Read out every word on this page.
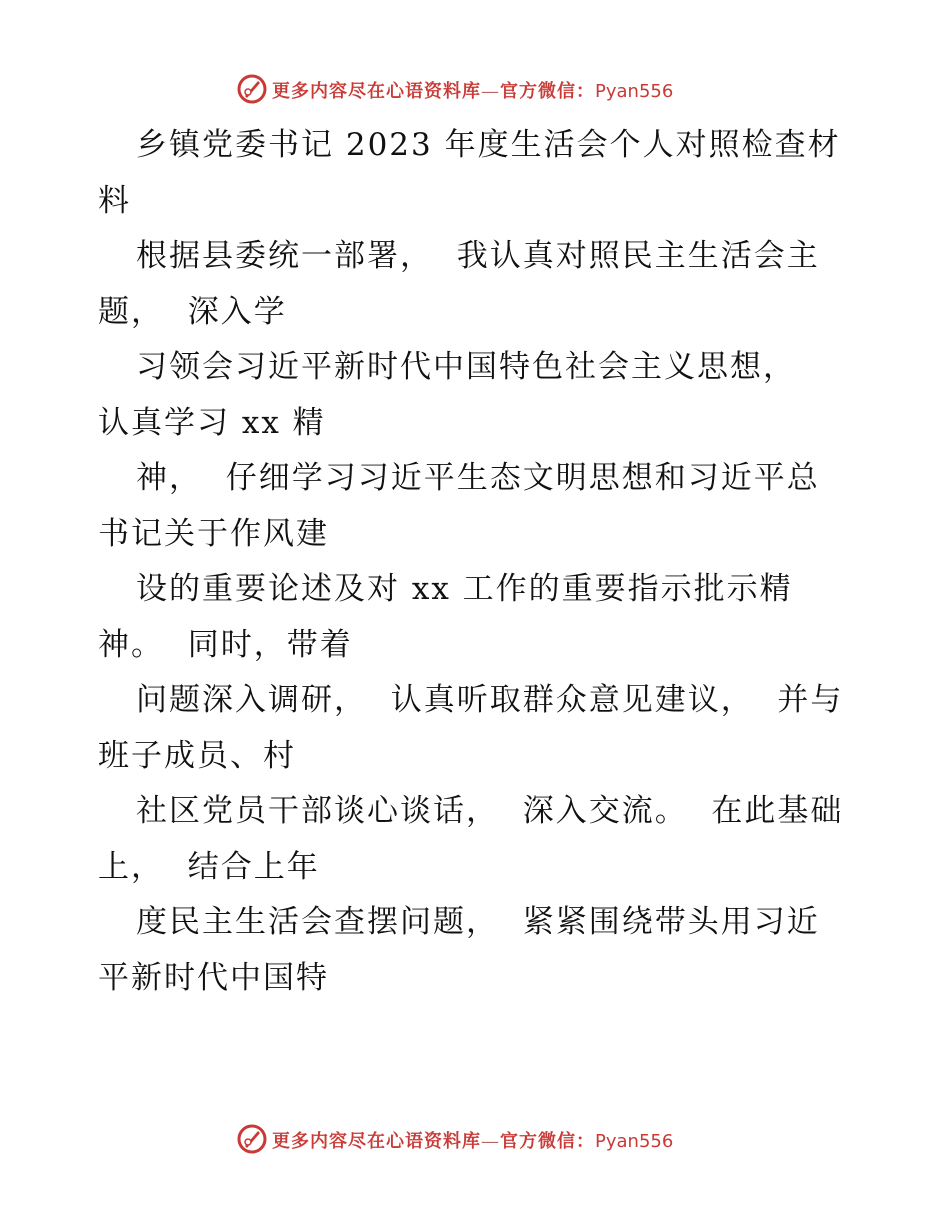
更多内容尽在心语资料库—官方微信：Pyan556
乡镇党委书记 2023 年度生活会个人对照检查材
料
根据县委统一部署，  我认真对照民主生活会主
题，  深入学
习领会习近平新时代中国特色社会主义思想，
认真学习 xx 精
神，  仔细学习习近平生态文明思想和习近平总
书记关于作风建
设的重要论述及对 xx 工作的重要指示批示精
神。  同时，带着
问题深入调研，  认真听取群众意见建议，  并与
班子成员、村
社区党员干部谈心谈话，  深入交流。  在此基础
上，  结合上年
度民主生活会查摆问题，  紧紧围绕带头用习近
平新时代中国特
更多内容尽在心语资料库—官方微信：Pyan556
